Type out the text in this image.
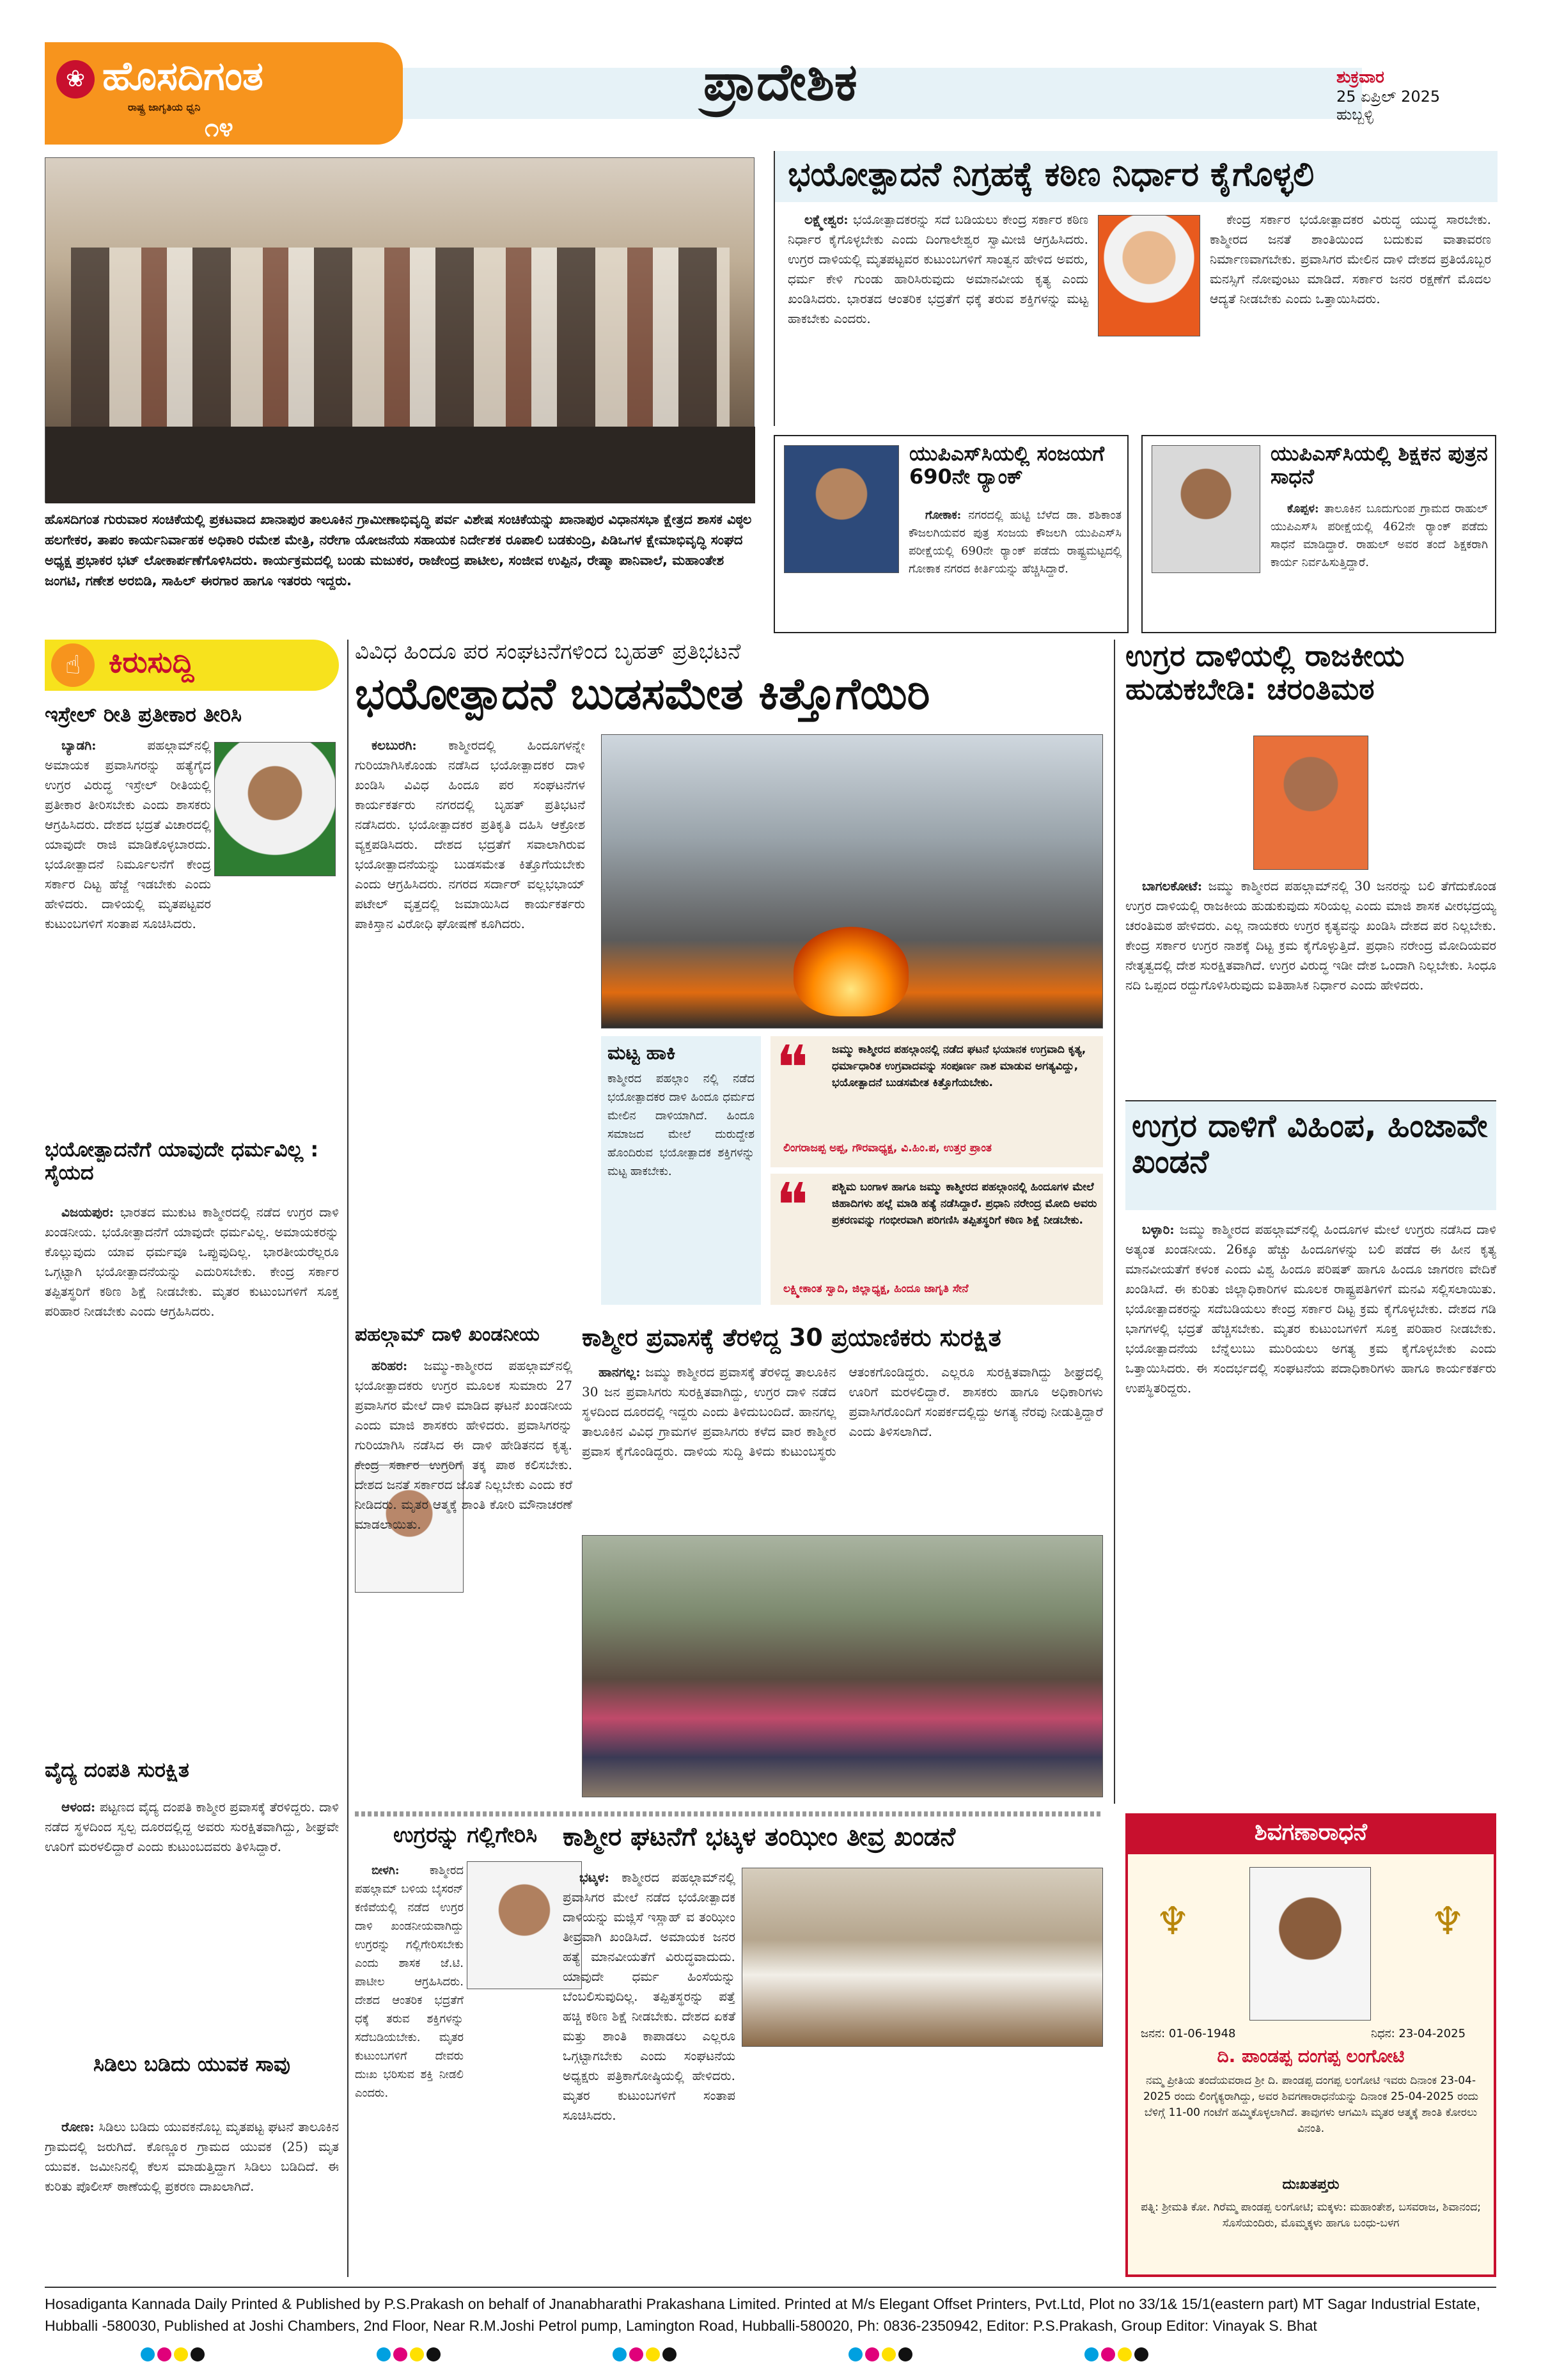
❀ ಹೊಸದಿಗಂತ
ರಾಷ್ಟ್ರ ಜಾಗೃತಿಯ ಧ್ವನಿ
೧೪
ಪ್ರಾದೇಶಿಕ	ಶುಕ್ರವಾರ
25 ಏಪ್ರಿಲ್ 2025
ಹುಬ್ಬಳ್ಳಿ
ಹೊಸದಿಗಂತ ಗುರುವಾರ ಸಂಚಿಕೆಯಲ್ಲಿ ಪ್ರಕಟವಾದ ಖಾನಾಪುರ ತಾಲೂಕಿನ ಗ್ರಾಮೀಣಾಭಿವೃದ್ಧಿ ಪರ್ವ ವಿಶೇಷ ಸಂಚಿಕೆಯನ್ನು ಖಾನಾಪುರ ವಿಧಾನಸಭಾ ಕ್ಷೇತ್ರದ ಶಾಸಕ ವಿಠ್ಠಲ ಹಲಗೇಕರ, ತಾಪಂ ಕಾರ್ಯನಿರ್ವಾಹಕ ಅಧಿಕಾರಿ ರಮೇಶ ಮೇತ್ರಿ, ನರೇಗಾ ಯೋಜನೆಯ ಸಹಾಯಕ ನಿರ್ದೇಶಕ ರೂಪಾಲಿ ಬಡಕುಂದ್ರಿ, ಪಿಡಿಒಗಳ ಕ್ಷೇಮಾಭಿವೃದ್ಧಿ ಸಂಘದ ಅಧ್ಯಕ್ಷ ಪ್ರಭಾಕರ ಭಟ್ ಲೋಕಾರ್ಪಣೆಗೊಳಿಸಿದರು. ಕಾರ್ಯಕ್ರಮದಲ್ಲಿ ಬಂಡು ಮಜುಕರ, ರಾಜೇಂದ್ರ ಪಾಟೀಲ, ಸಂಜೀವ ಉಪ್ಪಿನ, ರೇಷ್ಮಾ ಪಾನಿವಾಲೆ, ಮಹಾಂತೇಶ ಜಂಗಟಿ, ಗಣೇಶ ಅರಬಿಡಿ, ಸಾಹಿಲ್ ಈರಗಾರ ಹಾಗೂ ಇತರರು ಇದ್ದರು.
ಭಯೋತ್ಪಾದನೆ ನಿಗ್ರಹಕ್ಕೆ ಕಠಿಣ ನಿರ್ಧಾರ ಕೈಗೊಳ್ಳಲಿ

ಲಕ್ಷ್ಮೇಶ್ವರ: ಭಯೋತ್ಪಾದಕರನ್ನು ಸದೆ ಬಡಿಯಲು ಕೇಂದ್ರ ಸರ್ಕಾರ ಕಠಿಣ ನಿರ್ಧಾರ ಕೈಗೊಳ್ಳಬೇಕು ಎಂದು ದಿಂಗಾಲೇಶ್ವರ ಸ್ವಾಮೀಜಿ ಆಗ್ರಹಿಸಿದರು. ಉಗ್ರರ ದಾಳಿಯಲ್ಲಿ ಮೃತಪಟ್ಟವರ ಕುಟುಂಬಗಳಿಗೆ ಸಾಂತ್ವನ ಹೇಳಿದ ಅವರು, ಧರ್ಮ ಕೇಳಿ ಗುಂಡು ಹಾರಿಸಿರುವುದು ಅಮಾನವೀಯ ಕೃತ್ಯ ಎಂದು ಖಂಡಿಸಿದರು. ಭಾರತದ ಆಂತರಿಕ ಭದ್ರತೆಗೆ ಧಕ್ಕೆ ತರುವ ಶಕ್ತಿಗಳನ್ನು ಮಟ್ಟ ಹಾಕಬೇಕು ಎಂದರು.

ಕೇಂದ್ರ ಸರ್ಕಾರ ಭಯೋತ್ಪಾದಕರ ವಿರುದ್ಧ ಯುದ್ಧ ಸಾರಬೇಕು. ಕಾಶ್ಮೀರದ ಜನತೆ ಶಾಂತಿಯಿಂದ ಬದುಕುವ ವಾತಾವರಣ ನಿರ್ಮಾಣವಾಗಬೇಕು. ಪ್ರವಾಸಿಗರ ಮೇಲಿನ ದಾಳಿ ದೇಶದ ಪ್ರತಿಯೊಬ್ಬರ ಮನಸ್ಸಿಗೆ ನೋವುಂಟು ಮಾಡಿದೆ. ಸರ್ಕಾರ ಜನರ ರಕ್ಷಣೆಗೆ ಮೊದಲ ಆದ್ಯತೆ ನೀಡಬೇಕು ಎಂದು ಒತ್ತಾಯಿಸಿದರು.

ಯುಪಿಎಸ್‌ಸಿಯಲ್ಲಿ ಸಂಜಯಗೆ 690ನೇ ರ್‍ಯಾಂಕ್

ಗೋಕಾಕ: ನಗರದಲ್ಲಿ ಹುಟ್ಟಿ ಬೆಳೆದ ಡಾ. ಶಶಿಕಾಂತ ಕೌಜಲಗಿಯವರ ಪುತ್ರ ಸಂಜಯ ಕೌಜಲಗಿ ಯುಪಿಎಸ್‌ಸಿ ಪರೀಕ್ಷೆಯಲ್ಲಿ 690ನೇ ರ್‍ಯಾಂಕ್ ಪಡೆದು ರಾಷ್ಟ್ರಮಟ್ಟದಲ್ಲಿ ಗೋಕಾಕ ನಗರದ ಕೀರ್ತಿಯನ್ನು ಹೆಚ್ಚಿಸಿದ್ದಾರೆ.

ಯುಪಿಎಸ್‌ಸಿಯಲ್ಲಿ ಶಿಕ್ಷಕನ ಪುತ್ರನ ಸಾಧನೆ

ಕೊಪ್ಪಳ: ತಾಲೂಕಿನ ಬೂದುಗುಂಪ ಗ್ರಾಮದ ರಾಹುಲ್ ಯುಪಿಎಸ್‌ಸಿ ಪರೀಕ್ಷೆಯಲ್ಲಿ 462ನೇ ರ್‍ಯಾಂಕ್ ಪಡೆದು ಸಾಧನೆ ಮಾಡಿದ್ದಾರೆ. ರಾಹುಲ್ ಅವರ ತಂದೆ ಶಿಕ್ಷಕರಾಗಿ ಕಾರ್ಯ ನಿರ್ವಹಿಸುತ್ತಿದ್ದಾರೆ.

☝ ಕಿರುಸುದ್ದಿ
ಇಸ್ರೇಲ್ ರೀತಿ ಪ್ರತೀಕಾರ ತೀರಿಸಿ

ಬ್ಯಾಡಗಿ:	ಪಹಲ್ಗಾಮ್‌ನಲ್ಲಿ ಅಮಾಯಕ ಪ್ರವಾಸಿಗರನ್ನು ಹತ್ಯೆಗೈದ ಉಗ್ರರ ವಿರುದ್ಧ ಇಸ್ರೇಲ್ ರೀತಿಯಲ್ಲಿ ಪ್ರತೀಕಾರ ತೀರಿಸಬೇಕು ಎಂದು ಶಾಸಕರು ಆಗ್ರಹಿಸಿದರು. ದೇಶದ ಭದ್ರತೆ ವಿಚಾರದಲ್ಲಿ ಯಾವುದೇ ರಾಜಿ ಮಾಡಿಕೊಳ್ಳಬಾರದು. ಭಯೋತ್ಪಾದನೆ ನಿರ್ಮೂಲನೆಗೆ ಕೇಂದ್ರ ಸರ್ಕಾರ ದಿಟ್ಟ ಹೆಜ್ಜೆ ಇಡಬೇಕು ಎಂದು ಹೇಳಿದರು. ದಾಳಿಯಲ್ಲಿ ಮೃತಪಟ್ಟವರ ಕುಟುಂಬಗಳಿಗೆ ಸಂತಾಪ ಸೂಚಿಸಿದರು.

ಭಯೋತ್ಪಾದನೆಗೆ ಯಾವುದೇ ಧರ್ಮವಿಲ್ಲ : ಸೈಯದ

ವಿಜಯಪುರ: ಭಾರತದ ಮುಕುಟ ಕಾಶ್ಮೀರದಲ್ಲಿ ನಡೆದ ಉಗ್ರರ ದಾಳಿ ಖಂಡನೀಯ. ಭಯೋತ್ಪಾದನೆಗೆ ಯಾವುದೇ ಧರ್ಮವಿಲ್ಲ. ಅಮಾಯಕರನ್ನು ಕೊಲ್ಲುವುದು ಯಾವ ಧರ್ಮವೂ ಒಪ್ಪುವುದಿಲ್ಲ. ಭಾರತೀಯರೆಲ್ಲರೂ ಒಗ್ಗಟ್ಟಾಗಿ ಭಯೋತ್ಪಾದನೆಯನ್ನು ಎದುರಿಸಬೇಕು. ಕೇಂದ್ರ ಸರ್ಕಾರ ತಪ್ಪಿತಸ್ಥರಿಗೆ ಕಠಿಣ ಶಿಕ್ಷೆ ನೀಡಬೇಕು. ಮೃತರ ಕುಟುಂಬಗಳಿಗೆ ಸೂಕ್ತ ಪರಿಹಾರ ನೀಡಬೇಕು ಎಂದು ಆಗ್ರಹಿಸಿದರು.

ವೈದ್ಯ ದಂಪತಿ ಸುರಕ್ಷಿತ

ಆಳಂದ: ಪಟ್ಟಣದ ವೈದ್ಯ ದಂಪತಿ ಕಾಶ್ಮೀರ ಪ್ರವಾಸಕ್ಕೆ ತೆರಳಿದ್ದರು. ದಾಳಿ ನಡೆದ ಸ್ಥಳದಿಂದ ಸ್ವಲ್ಪ ದೂರದಲ್ಲಿದ್ದ ಅವರು ಸುರಕ್ಷಿತವಾಗಿದ್ದು, ಶೀಘ್ರವೇ ಊರಿಗೆ ಮರಳಲಿದ್ದಾರೆ ಎಂದು ಕುಟುಂಬದವರು ತಿಳಿಸಿದ್ದಾರೆ.

ಸಿಡಿಲು ಬಡಿದು ಯುವಕ ಸಾವು

ರೋಣ: ಸಿಡಿಲು ಬಡಿದು ಯುವಕನೊಬ್ಬ ಮೃತಪಟ್ಟ ಘಟನೆ ತಾಲೂಕಿನ ಗ್ರಾಮದಲ್ಲಿ ಜರುಗಿದೆ. ಕೊಣ್ಣೂರ ಗ್ರಾಮದ ಯುವಕ (25) ಮೃತ ಯುವಕ. ಜಮೀನಿನಲ್ಲಿ ಕೆಲಸ ಮಾಡುತ್ತಿದ್ದಾಗ ಸಿಡಿಲು ಬಡಿದಿದೆ. ಈ ಕುರಿತು ಪೊಲೀಸ್ ಠಾಣೆಯಲ್ಲಿ ಪ್ರಕರಣ ದಾಖಲಾಗಿದೆ.

ವಿವಿಧ ಹಿಂದೂ ಪರ ಸಂಘಟನೆಗಳಿಂದ ಬೃಹತ್ ಪ್ರತಿಭಟನೆ
ಭಯೋತ್ಪಾದನೆ ಬುಡಸಮೇತ ಕಿತ್ತೊಗೆಯಿರಿ

ಕಲಬುರಗಿ: ಕಾಶ್ಮೀರದಲ್ಲಿ ಹಿಂದೂಗಳನ್ನೇ ಗುರಿಯಾಗಿಸಿಕೊಂಡು ನಡೆಸಿದ ಭಯೋತ್ಪಾದಕರ ದಾಳಿ ಖಂಡಿಸಿ ವಿವಿಧ ಹಿಂದೂ ಪರ ಸಂಘಟನೆಗಳ ಕಾರ್ಯಕರ್ತರು ನಗರದಲ್ಲಿ ಬೃಹತ್ ಪ್ರತಿಭಟನೆ ನಡೆಸಿದರು. ಭಯೋತ್ಪಾದಕರ ಪ್ರತಿಕೃತಿ ದಹಿಸಿ ಆಕ್ರೋಶ ವ್ಯಕ್ತಪಡಿಸಿದರು. ದೇಶದ ಭದ್ರತೆಗೆ ಸವಾಲಾಗಿರುವ ಭಯೋತ್ಪಾದನೆಯನ್ನು ಬುಡಸಮೇತ ಕಿತ್ತೊಗೆಯಬೇಕು ಎಂದು ಆಗ್ರಹಿಸಿದರು. ನಗರದ ಸರ್ದಾರ್ ವಲ್ಲಭಭಾಯ್ ಪಟೇಲ್ ವೃತ್ತದಲ್ಲಿ ಜಮಾಯಿಸಿದ ಕಾರ್ಯಕರ್ತರು ಪಾಕಿಸ್ತಾನ ವಿರೋಧಿ ಘೋಷಣೆ ಕೂಗಿದರು.

ಮಟ್ಟ ಹಾಕಿ
ಕಾಶ್ಮೀರದ ಪಹಲ್ಗಾಂ ನಲ್ಲಿ ನಡೆದ ಭಯೋತ್ಪಾದಕರ ದಾಳಿ ಹಿಂದೂ ಧರ್ಮದ ಮೇಲಿನ ದಾಳಿಯಾಗಿದೆ. ಹಿಂದೂ ಸಮಾಜದ ಮೇಲೆ ದುರುದ್ದೇಶ ಹೊಂದಿರುವ ಭಯೋತ್ಪಾದಕ ಶಕ್ತಿಗಳನ್ನು ಮಟ್ಟ ಹಾಕಬೇಕು.
❝ ಜಮ್ಮು ಕಾಶ್ಮೀರದ ಪಹಲ್ಗಾಂನಲ್ಲಿ ನಡೆದ ಘಟನೆ ಭಯಾನಕ ಉಗ್ರವಾದಿ ಕೃತ್ಯ, ಧರ್ಮಾಧಾರಿತ ಉಗ್ರವಾದವನ್ನು ಸಂಪೂರ್ಣ ನಾಶ ಮಾಡುವ ಅಗತ್ಯವಿದ್ದು, ಭಯೋತ್ಪಾದನೆ ಬುಡಸಮೇತ ಕಿತ್ತೊಗೆಯಬೇಕು.
ಲಿಂಗರಾಜಪ್ಪ ಅಪ್ಪ, ಗೌರವಾಧ್ಯಕ್ಷ, ವಿ.ಹಿಂ.ಪ, ಉತ್ತರ ಪ್ರಾಂತ
❝ ಪಶ್ಚಿಮ ಬಂಗಾಳ ಹಾಗೂ ಜಮ್ಮು ಕಾಶ್ಮೀರದ ಪಹಲ್ಗಾಂನಲ್ಲಿ ಹಿಂದೂಗಳ ಮೇಲೆ ಜಿಹಾದಿಗಳು ಹಲ್ಲೆ ಮಾಡಿ ಹತ್ಯೆ ನಡೆಸಿದ್ದಾರೆ. ಪ್ರಧಾನಿ ನರೇಂದ್ರ ಮೋದಿ ಅವರು ಪ್ರಕರಣವನ್ನು ಗಂಭೀರವಾಗಿ ಪರಿಗಣಿಸಿ ತಪ್ಪಿತಸ್ಥರಿಗೆ ಕಠಿಣ ಶಿಕ್ಷೆ ನೀಡಬೇಕು.
ಲಕ್ಷ್ಮೀಕಾಂತ ಸ್ವಾದಿ, ಜಿಲ್ಲಾಧ್ಯಕ್ಷ, ಹಿಂದೂ ಜಾಗೃತಿ ಸೇನೆ
ಉಗ್ರರ ದಾಳಿಯಲ್ಲಿ ರಾಜಕೀಯ ಹುಡುಕಬೇಡಿ: ಚರಂತಿಮಠ

ಬಾಗಲಕೋಟೆ: ಜಮ್ಮು ಕಾಶ್ಮೀರದ ಪಹಲ್ಗಾಮ್‌ನಲ್ಲಿ 30 ಜನರನ್ನು ಬಲಿ ತೆಗೆದುಕೊಂಡ ಉಗ್ರರ ದಾಳಿಯಲ್ಲಿ ರಾಜಕೀಯ ಹುಡುಕುವುದು ಸರಿಯಲ್ಲ ಎಂದು ಮಾಜಿ ಶಾಸಕ ವೀರಭದ್ರಯ್ಯ ಚರಂತಿಮಠ ಹೇಳಿದರು. ಎಲ್ಲ ನಾಯಕರು ಉಗ್ರರ ಕೃತ್ಯವನ್ನು ಖಂಡಿಸಿ ದೇಶದ ಪರ ನಿಲ್ಲಬೇಕು. ಕೇಂದ್ರ ಸರ್ಕಾರ ಉಗ್ರರ ನಾಶಕ್ಕೆ ದಿಟ್ಟ ಕ್ರಮ ಕೈಗೊಳ್ಳುತ್ತಿದೆ. ಪ್ರಧಾನಿ ನರೇಂದ್ರ ಮೋದಿಯವರ ನೇತೃತ್ವದಲ್ಲಿ ದೇಶ ಸುರಕ್ಷಿತವಾಗಿದೆ. ಉಗ್ರರ ವಿರುದ್ಧ ಇಡೀ ದೇಶ ಒಂದಾಗಿ ನಿಲ್ಲಬೇಕು. ಸಿಂಧೂ ನದಿ ಒಪ್ಪಂದ ರದ್ದುಗೊಳಿಸಿರುವುದು ಐತಿಹಾಸಿಕ ನಿರ್ಧಾರ ಎಂದು ಹೇಳಿದರು.

ಉಗ್ರರ ದಾಳಿಗೆ ವಿಹಿಂಪ, ಹಿಂಜಾವೇ ಖಂಡನೆ

ಬಳ್ಳಾರಿ: ಜಮ್ಮು ಕಾಶ್ಮೀರದ ಪಹಲ್ಗಾಮ್‌ನಲ್ಲಿ ಹಿಂದೂಗಳ ಮೇಲೆ ಉಗ್ರರು ನಡೆಸಿದ ದಾಳಿ ಅತ್ಯಂತ ಖಂಡನೀಯ. 26ಕ್ಕೂ ಹೆಚ್ಚು ಹಿಂದೂಗಳನ್ನು ಬಲಿ ಪಡೆದ ಈ ಹೀನ ಕೃತ್ಯ ಮಾನವೀಯತೆಗೆ ಕಳಂಕ ಎಂದು ವಿಶ್ವ ಹಿಂದೂ ಪರಿಷತ್ ಹಾಗೂ ಹಿಂದೂ ಜಾಗರಣ ವೇದಿಕೆ ಖಂಡಿಸಿದೆ. ಈ ಕುರಿತು ಜಿಲ್ಲಾಧಿಕಾರಿಗಳ ಮೂಲಕ ರಾಷ್ಟ್ರಪತಿಗಳಿಗೆ ಮನವಿ ಸಲ್ಲಿಸಲಾಯಿತು. ಭಯೋತ್ಪಾದಕರನ್ನು ಸದೆಬಡಿಯಲು ಕೇಂದ್ರ ಸರ್ಕಾರ ದಿಟ್ಟ ಕ್ರಮ ಕೈಗೊಳ್ಳಬೇಕು. ದೇಶದ ಗಡಿ ಭಾಗಗಳಲ್ಲಿ ಭದ್ರತೆ ಹೆಚ್ಚಿಸಬೇಕು. ಮೃತರ ಕುಟುಂಬಗಳಿಗೆ ಸೂಕ್ತ ಪರಿಹಾರ ನೀಡಬೇಕು. ಭಯೋತ್ಪಾದನೆಯ ಬೆನ್ನೆಲುಬು ಮುರಿಯಲು ಅಗತ್ಯ ಕ್ರಮ ಕೈಗೊಳ್ಳಬೇಕು ಎಂದು ಒತ್ತಾಯಿಸಿದರು. ಈ ಸಂದರ್ಭದಲ್ಲಿ ಸಂಘಟನೆಯ ಪದಾಧಿಕಾರಿಗಳು ಹಾಗೂ ಕಾರ್ಯಕರ್ತರು ಉಪಸ್ಥಿತರಿದ್ದರು.

ಪಹಲ್ಗಾಮ್ ದಾಳಿ ಖಂಡನೀಯ

ಹರಿಹರ: ಜಮ್ಮು-ಕಾಶ್ಮೀರದ ಪಹಲ್ಗಾಮ್‌ನಲ್ಲಿ ಭಯೋತ್ಪಾದಕರು ಉಗ್ರರ ಮೂಲಕ ಸುಮಾರು 27 ಪ್ರವಾಸಿಗರ ಮೇಲೆ ದಾಳಿ ಮಾಡಿದ ಘಟನೆ ಖಂಡನೀಯ ಎಂದು ಮಾಜಿ ಶಾಸಕರು ಹೇಳಿದರು. ಪ್ರವಾಸಿಗರನ್ನು ಗುರಿಯಾಗಿಸಿ ನಡೆಸಿದ ಈ ದಾಳಿ ಹೇಡಿತನದ ಕೃತ್ಯ. ಕೇಂದ್ರ ಸರ್ಕಾರ ಉಗ್ರರಿಗೆ ತಕ್ಕ ಪಾಠ ಕಲಿಸಬೇಕು. ದೇಶದ ಜನತೆ ಸರ್ಕಾರದ ಜೊತೆ ನಿಲ್ಲಬೇಕು ಎಂದು ಕರೆ ನೀಡಿದರು. ಮೃತರ ಆತ್ಮಕ್ಕೆ ಶಾಂತಿ ಕೋರಿ ಮೌನಾಚರಣೆ ಮಾಡಲಾಯಿತು.

ಕಾಶ್ಮೀರ ಪ್ರವಾಸಕ್ಕೆ ತೆರಳಿದ್ದ 30 ಪ್ರಯಾಣಿಕರು ಸುರಕ್ಷಿತ

ಹಾನಗಲ್ಲ: ಜಮ್ಮು ಕಾಶ್ಮೀರದ ಪ್ರವಾಸಕ್ಕೆ ತೆರಳಿದ್ದ ತಾಲೂಕಿನ 30 ಜನ ಪ್ರವಾಸಿಗರು ಸುರಕ್ಷಿತವಾಗಿದ್ದು, ಉಗ್ರರ ದಾಳಿ ನಡೆದ ಸ್ಥಳದಿಂದ ದೂರದಲ್ಲಿ ಇದ್ದರು ಎಂದು ತಿಳಿದುಬಂದಿದೆ. ಹಾನಗಲ್ಲ ತಾಲೂಕಿನ ವಿವಿಧ ಗ್ರಾಮಗಳ ಪ್ರವಾಸಿಗರು ಕಳೆದ ವಾರ ಕಾಶ್ಮೀರ ಪ್ರವಾಸ ಕೈಗೊಂಡಿದ್ದರು. ದಾಳಿಯ ಸುದ್ದಿ ತಿಳಿದು ಕುಟುಂಬಸ್ಥರು ಆತಂಕಗೊಂಡಿದ್ದರು. ಎಲ್ಲರೂ ಸುರಕ್ಷಿತವಾಗಿದ್ದು ಶೀಘ್ರದಲ್ಲಿ ಊರಿಗೆ ಮರಳಲಿದ್ದಾರೆ. ಶಾಸಕರು ಹಾಗೂ ಅಧಿಕಾರಿಗಳು ಪ್ರವಾಸಿಗರೊಂದಿಗೆ ಸಂಪರ್ಕದಲ್ಲಿದ್ದು ಅಗತ್ಯ ನೆರವು ನೀಡುತ್ತಿದ್ದಾರೆ ಎಂದು ತಿಳಿಸಲಾಗಿದೆ.

ಉಗ್ರರನ್ನು ಗಲ್ಲಿಗೇರಿಸಿ

ಬೀಳಗಿ:	ಕಾಶ್ಮೀರದ ಪಹಲ್ಗಾಮ್ ಬಳಿಯ ಬೈಸರನ್ ಕಣಿವೆಯಲ್ಲಿ ನಡೆದ ಉಗ್ರರ ದಾಳಿ ಖಂಡನೀಯವಾಗಿದ್ದು ಉಗ್ರರನ್ನು ಗಲ್ಲಿಗೇರಿಸಬೇಕು ಎಂದು ಶಾಸಕ ಜೆ.ಟಿ. ಪಾಟೀಲ ಆಗ್ರಹಿಸಿದರು. ದೇಶದ ಆಂತರಿಕ ಭದ್ರತೆಗೆ ಧಕ್ಕೆ ತರುವ ಶಕ್ತಿಗಳನ್ನು ಸದೆಬಡಿಯಬೇಕು. ಮೃತರ ಕುಟುಂಬಗಳಿಗೆ ದೇವರು ದುಃಖ ಭರಿಸುವ ಶಕ್ತಿ ನೀಡಲಿ ಎಂದರು.

ಕಾಶ್ಮೀರ ಘಟನೆಗೆ ಭಟ್ಕಳ ತಂಝೀಂ ತೀವ್ರ ಖಂಡನೆ

ಭಟ್ಕಳ: ಕಾಶ್ಮೀರದ ಪಹಲ್ಗಾಮ್‌ನಲ್ಲಿ ಪ್ರವಾಸಿಗರ ಮೇಲೆ ನಡೆದ ಭಯೋತ್ಪಾದಕ ದಾಳಿಯನ್ನು ಮಜ್ಲಿಸೆ ಇಸ್ಲಾಹ್ ವ ತಂಝೀಂ ತೀವ್ರವಾಗಿ ಖಂಡಿಸಿದೆ. ಅಮಾಯಕ ಜನರ ಹತ್ಯೆ ಮಾನವೀಯತೆಗೆ ವಿರುದ್ಧವಾದುದು. ಯಾವುದೇ ಧರ್ಮ ಹಿಂಸೆಯನ್ನು ಬೆಂಬಲಿಸುವುದಿಲ್ಲ. ತಪ್ಪಿತಸ್ಥರನ್ನು ಪತ್ತೆ ಹಚ್ಚಿ ಕಠಿಣ ಶಿಕ್ಷೆ ನೀಡಬೇಕು. ದೇಶದ ಏಕತೆ ಮತ್ತು ಶಾಂತಿ ಕಾಪಾಡಲು ಎಲ್ಲರೂ ಒಗ್ಗಟ್ಟಾಗಬೇಕು ಎಂದು ಸಂಘಟನೆಯ ಅಧ್ಯಕ್ಷರು ಪತ್ರಿಕಾಗೋಷ್ಠಿಯಲ್ಲಿ ಹೇಳಿದರು. ಮೃತರ ಕುಟುಂಬಗಳಿಗೆ ಸಂತಾಪ ಸೂಚಿಸಿದರು.

ಶಿವಗಣಾರಾಧನೆ
♆	♆
ಜನನ: 01-06-1948	ನಿಧನ: 23-04-2025
ದಿ. ಪಾಂಡಪ್ಪ ದಂಗಪ್ಪ ಲಂಗೋಟಿ
ನಮ್ಮ ಪ್ರೀತಿಯ ತಂದೆಯವರಾದ ಶ್ರೀ ದಿ. ಪಾಂಡಪ್ಪ ದಂಗಪ್ಪ ಲಂಗೋಟಿ ಇವರು ದಿನಾಂಕ 23-04-2025 ರಂದು ಲಿಂಗೈಕ್ಯರಾಗಿದ್ದು, ಅವರ ಶಿವಗಣಾರಾಧನೆಯನ್ನು ದಿನಾಂಕ 25-04-2025 ರಂದು ಬೆಳಿಗ್ಗೆ 11-00 ಗಂಟೆಗೆ ಹಮ್ಮಿಕೊಳ್ಳಲಾಗಿದೆ. ತಾವುಗಳು ಆಗಮಿಸಿ ಮೃತರ ಆತ್ಮಕ್ಕೆ ಶಾಂತಿ ಕೋರಲು ವಿನಂತಿ.
ದುಃಖತಪ್ತರು
ಪತ್ನಿ: ಶ್ರೀಮತಿ ಕೋ. ಗಿರೆಮ್ಮ ಪಾಂಡಪ್ಪ ಲಂಗೋಟಿ; ಮಕ್ಕಳು: ಮಹಾಂತೇಶ, ಬಸವರಾಜ, ಶಿವಾನಂದ; ಸೊಸೆಯಂದಿರು, ಮೊಮ್ಮಕ್ಕಳು ಹಾಗೂ ಬಂಧು-ಬಳಗ
Hosadiganta Kannada Daily Printed & Published by P.S.Prakash on behalf of Jnanabharathi Prakashana Limited. Printed at M/s Elegant Offset Printers, Pvt.Ltd, Plot no 33/1& 15/1(eastern part) MT Sagar Industrial Estate, Hubballi -580030, Published at Joshi Chambers, 2nd Floor, Near R.M.Joshi Petrol pump, Lamington Road, Hubballi-580020, Ph: 0836-2350942, Editor: P.S.Prakash, Group Editor: Vinayak S. Bhat
